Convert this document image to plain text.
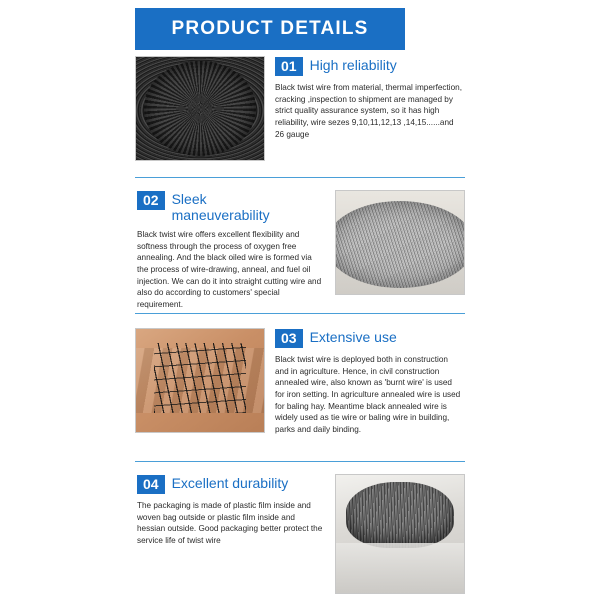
PRODUCT DETAILS
01 High reliability
Black twist wire from material, thermal imperfection, cracking ,inspection to shipment are managed by strict quality assurance system, so it has high reliability, wire sezes 9,10,11,12,13 ,14,15......and 26 gauge
02 Sleek maneuverability
Black twist wire offers excellent flexibility and softness through the process of oxygen free annealing. And the black oiled wire is formed via the process of wire-drawing, anneal, and fuel oil injection. We can do it into straight cutting wire and also do according to customers' special requirement.
03 Extensive use
Black twist wire is deployed both in construction and in agriculture. Hence, in civil construction annealed wire, also known as 'burnt wire' is used for iron setting. In agriculture annealed wire is used for baling hay. Meantime black annealed wire is widely used as tie wire or baling wire in building, parks and daily binding.
04 Excellent durability
The packaging is made of plastic film inside and woven bag outside or plastic film inside and hessian outside. Good packaging better protect the service life of twist wire
